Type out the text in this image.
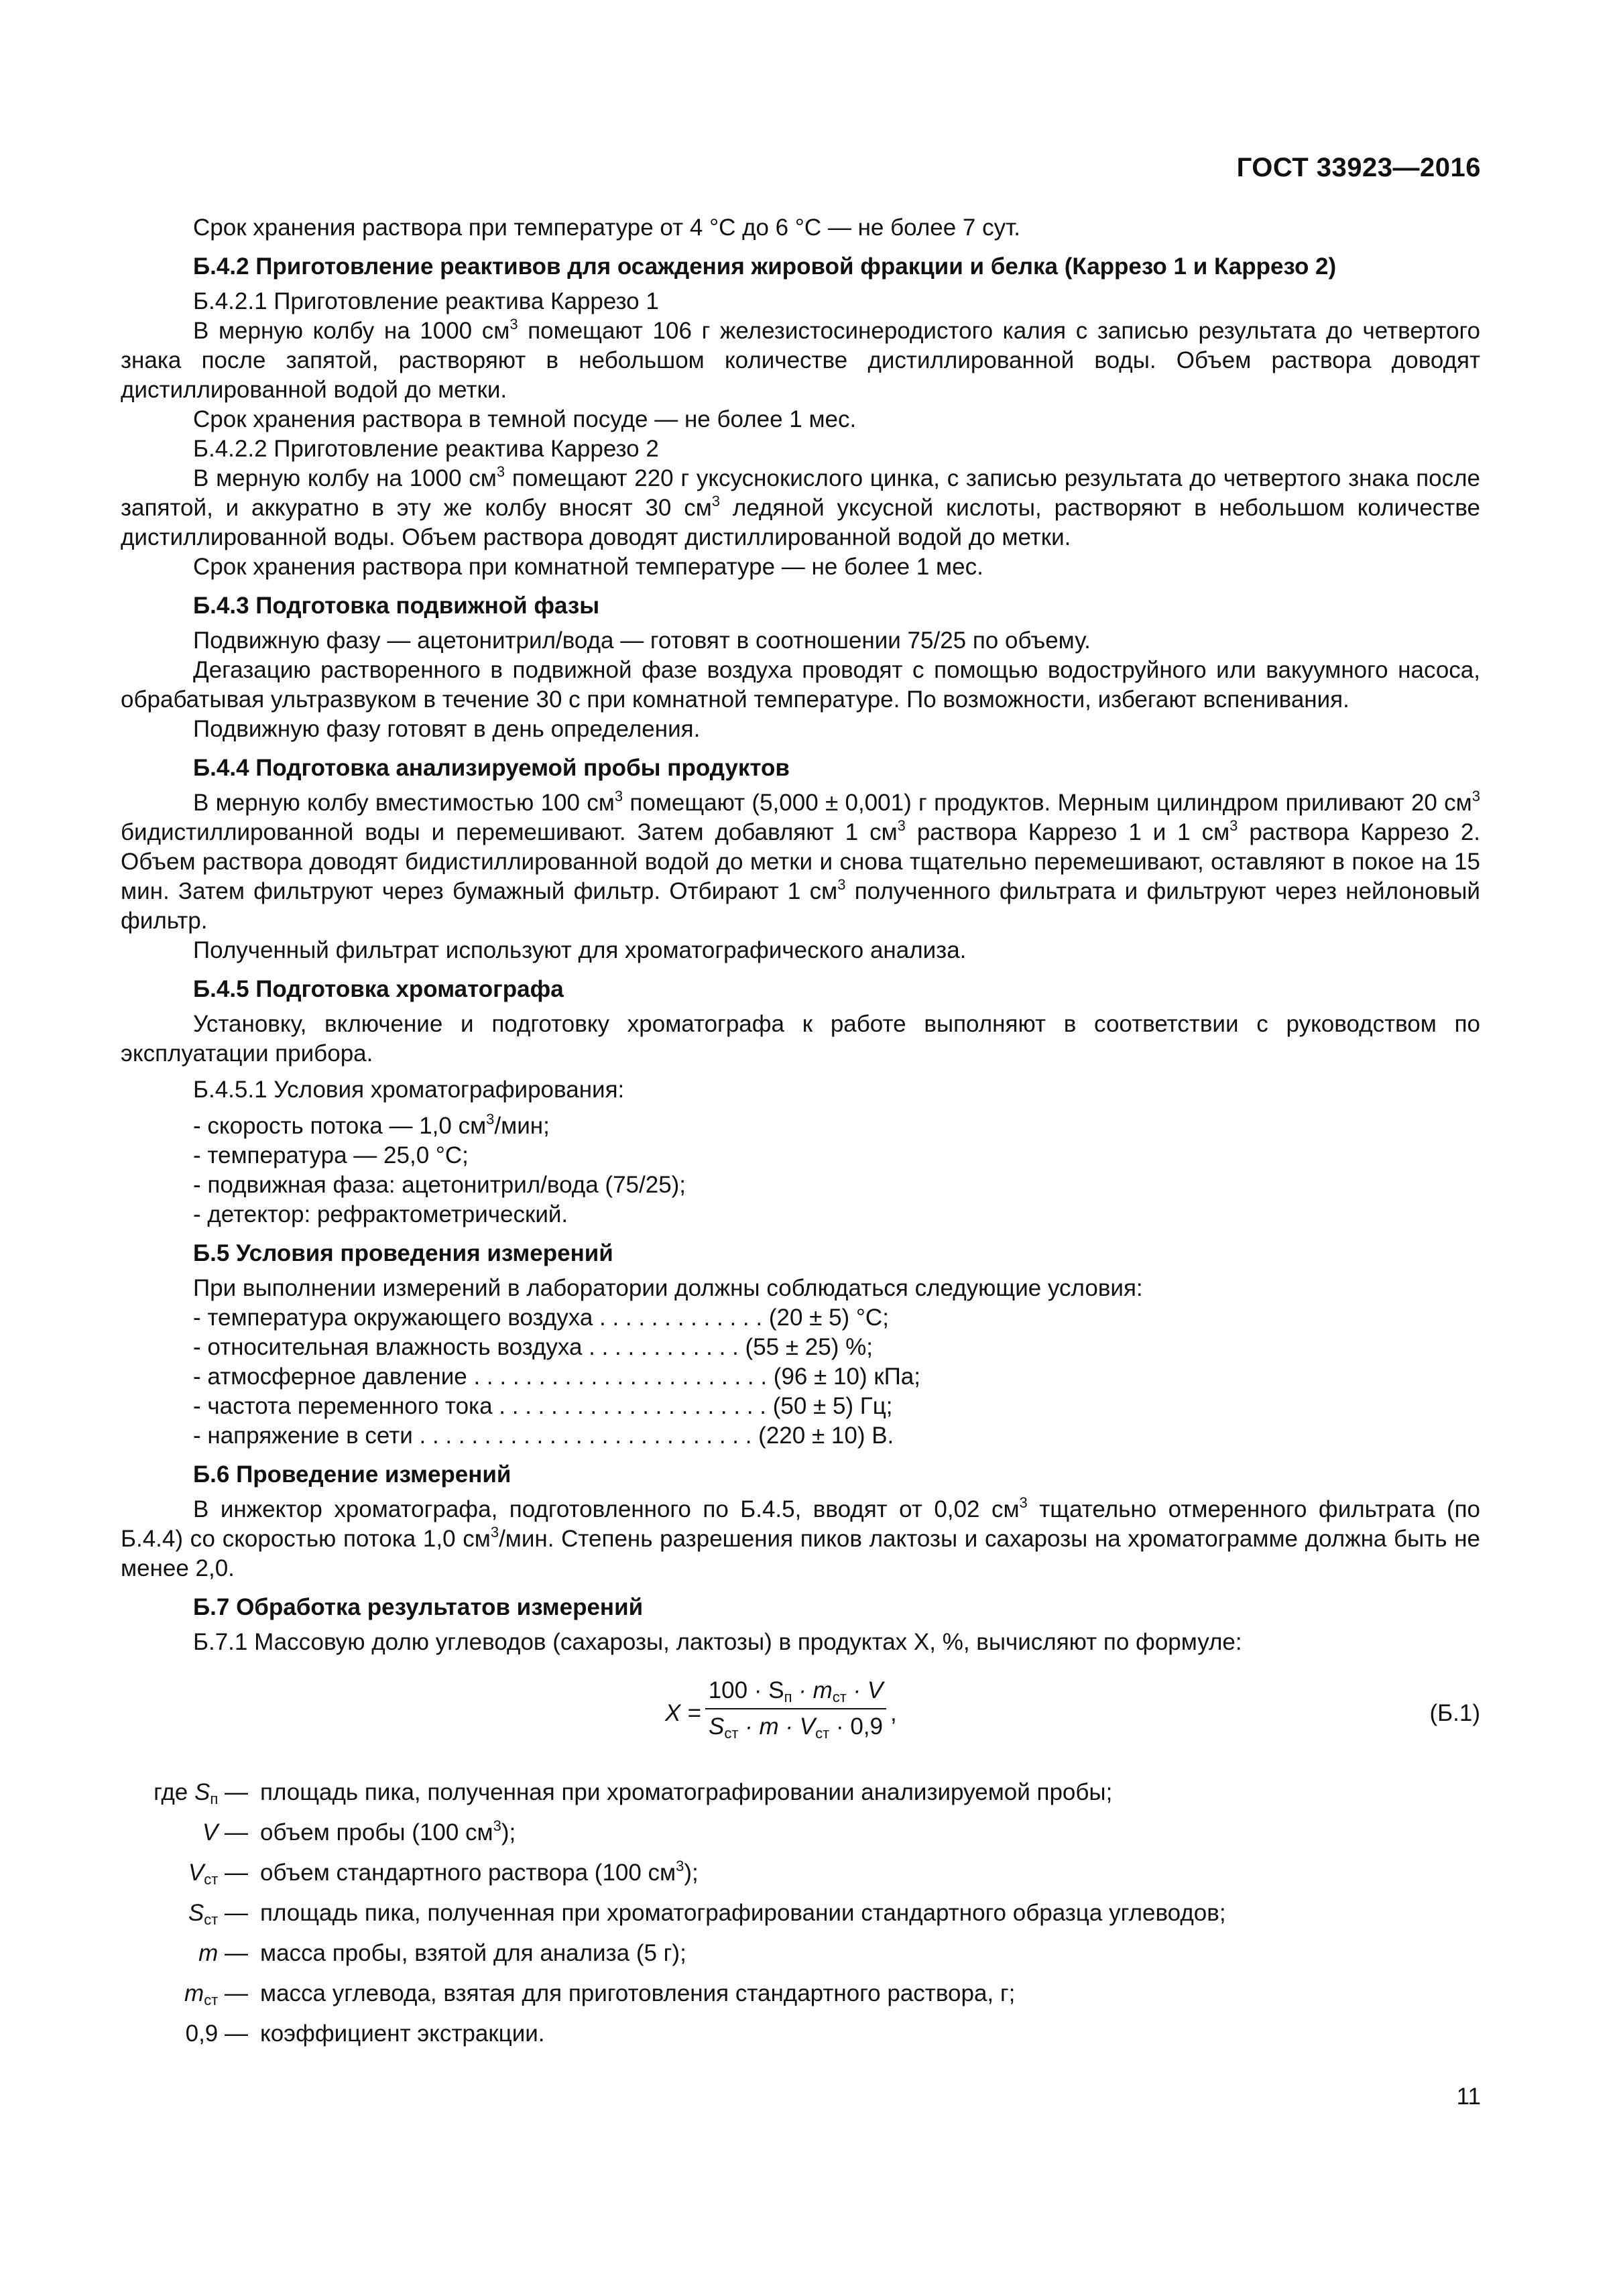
ГОСТ 33923—2016

Срок хранения раствора при температуре от 4 °С до 6 °С — не более 7 сут.

Б.4.2 Приготовление реактивов для осаждения жировой фракции и белка (Каррезо 1 и Каррезо 2)

Б.4.2.1 Приготовление реактива Каррезо 1

В мерную колбу на 1000 $см^3$ помещают 106 г железистосинеродистого калия с записью результата до четвертого знака после запятой, растворяют в небольшом количестве дистиллированной воды. Объем раствора доводят дистиллированной водой до метки.

Срок хранения раствора в темной посуде — не более 1 мес.

Б.4.2.2 Приготовление реактива Каррезо 2

В мерную колбу на 1000 $см^3$ помещают 220 г уксуснокислого цинка, с записью результата до четвертого знака после запятой, и аккуратно в эту же колбу вносят 30 $см^3$ ледяной уксусной кислоты, растворяют в небольшом количестве дистиллированной воды. Объем раствора доводят дистиллированной водой до метки.

Срок хранения раствора при комнатной температуре — не более 1 мес.

Б.4.3 Подготовка подвижной фазы

Подвижную фазу — ацетонитрил/вода — готовят в соотношении 75/25 по объему.

Дегазацию растворенного в подвижной фазе воздуха проводят с помощью водоструйного или вакуумного насоса, обрабатывая ультразвуком в течение 30 с при комнатной температуре. По возможности, избегают вспенивания.

Подвижную фазу готовят в день определения.

Б.4.4 Подготовка анализируемой пробы продуктов

В мерную колбу вместимостью 100 $см^3$ помещают (5,000 ± 0,001) г продуктов. Мерным цилиндром приливают 20 $см^3$ бидистиллированной воды и перемешивают. Затем добавляют 1 $см^3$ раствора Каррезо 1 и 1 $см^3$ раствора Каррезо 2. Объем раствора доводят бидистиллированной водой до метки и снова тщательно перемешивают, оставляют в покое на 15 мин. Затем фильтруют через бумажный фильтр. Отбирают 1 $см^3$ полученного фильтрата и фильтруют через нейлоновый фильтр.

Полученный фильтрат используют для хроматографического анализа.

Б.4.5 Подготовка хроматографа

Установку, включение и подготовку хроматографа к работе выполняют в соответствии с руководством по эксплуатации прибора.

Б.4.5.1 Условия хроматографирования:

- скорость потока — 1,0 $см^3$/мин;

- температура — 25,0 °С;

- подвижная фаза: ацетонитрил/вода (75/25);

- детектор: рефрактометрический.

Б.5 Условия проведения измерений

При выполнении измерений в лаборатории должны соблюдаться следующие условия:

- температура окружающего воздуха . . . . . . . . . . . . . (20 ± 5) °С;

- относительная влажность воздуха . . . . . . . . . . . . (55 ± 25) %;

- атмосферное давление . . . . . . . . . . . . . . . . . . . . . . . (96 ± 10) кПа;

- частота переменного тока . . . . . . . . . . . . . . . . . . . . . (50 ± 5) Гц;

- напряжение в сети . . . . . . . . . . . . . . . . . . . . . . . . . . (220 ± 10) В.

Б.6 Проведение измерений

В инжектор хроматографа, подготовленного по Б.4.5, вводят от 0,02 $см^3$ тщательно отмеренного фильтрата (по Б.4.4) со скоростью потока 1,0 $см^3$/мин. Степень разрешения пиков лактозы и сахарозы на хроматограмме должна быть не менее 2,0.

Б.7 Обработка результатов измерений

Б.7.1 Массовую долю углеводов (сахарозы, лактозы) в продуктах Х, %, вычисляют по формуле:

X =
$100 \cdot S_п \cdot m_{ст} \cdot V$
$S_{ст} \cdot m \cdot V_{ст} \cdot 0,9$
,	(Б.1)
где $S_п$ — площадь пика, полученная при хроматографировании анализируемой пробы;
V — объем пробы (100 $см^3$);
$V_{ст}$ — объем стандартного раствора (100 $см^3$);
$S_{ст}$ — площадь пика, полученная при хроматографировании стандартного образца углеводов;
m — масса пробы, взятой для анализа (5 г);
$m_{ст}$ — масса углевода, взятая для приготовления стандартного раствора, г;
0,9 — коэффициент экстракции.
11
